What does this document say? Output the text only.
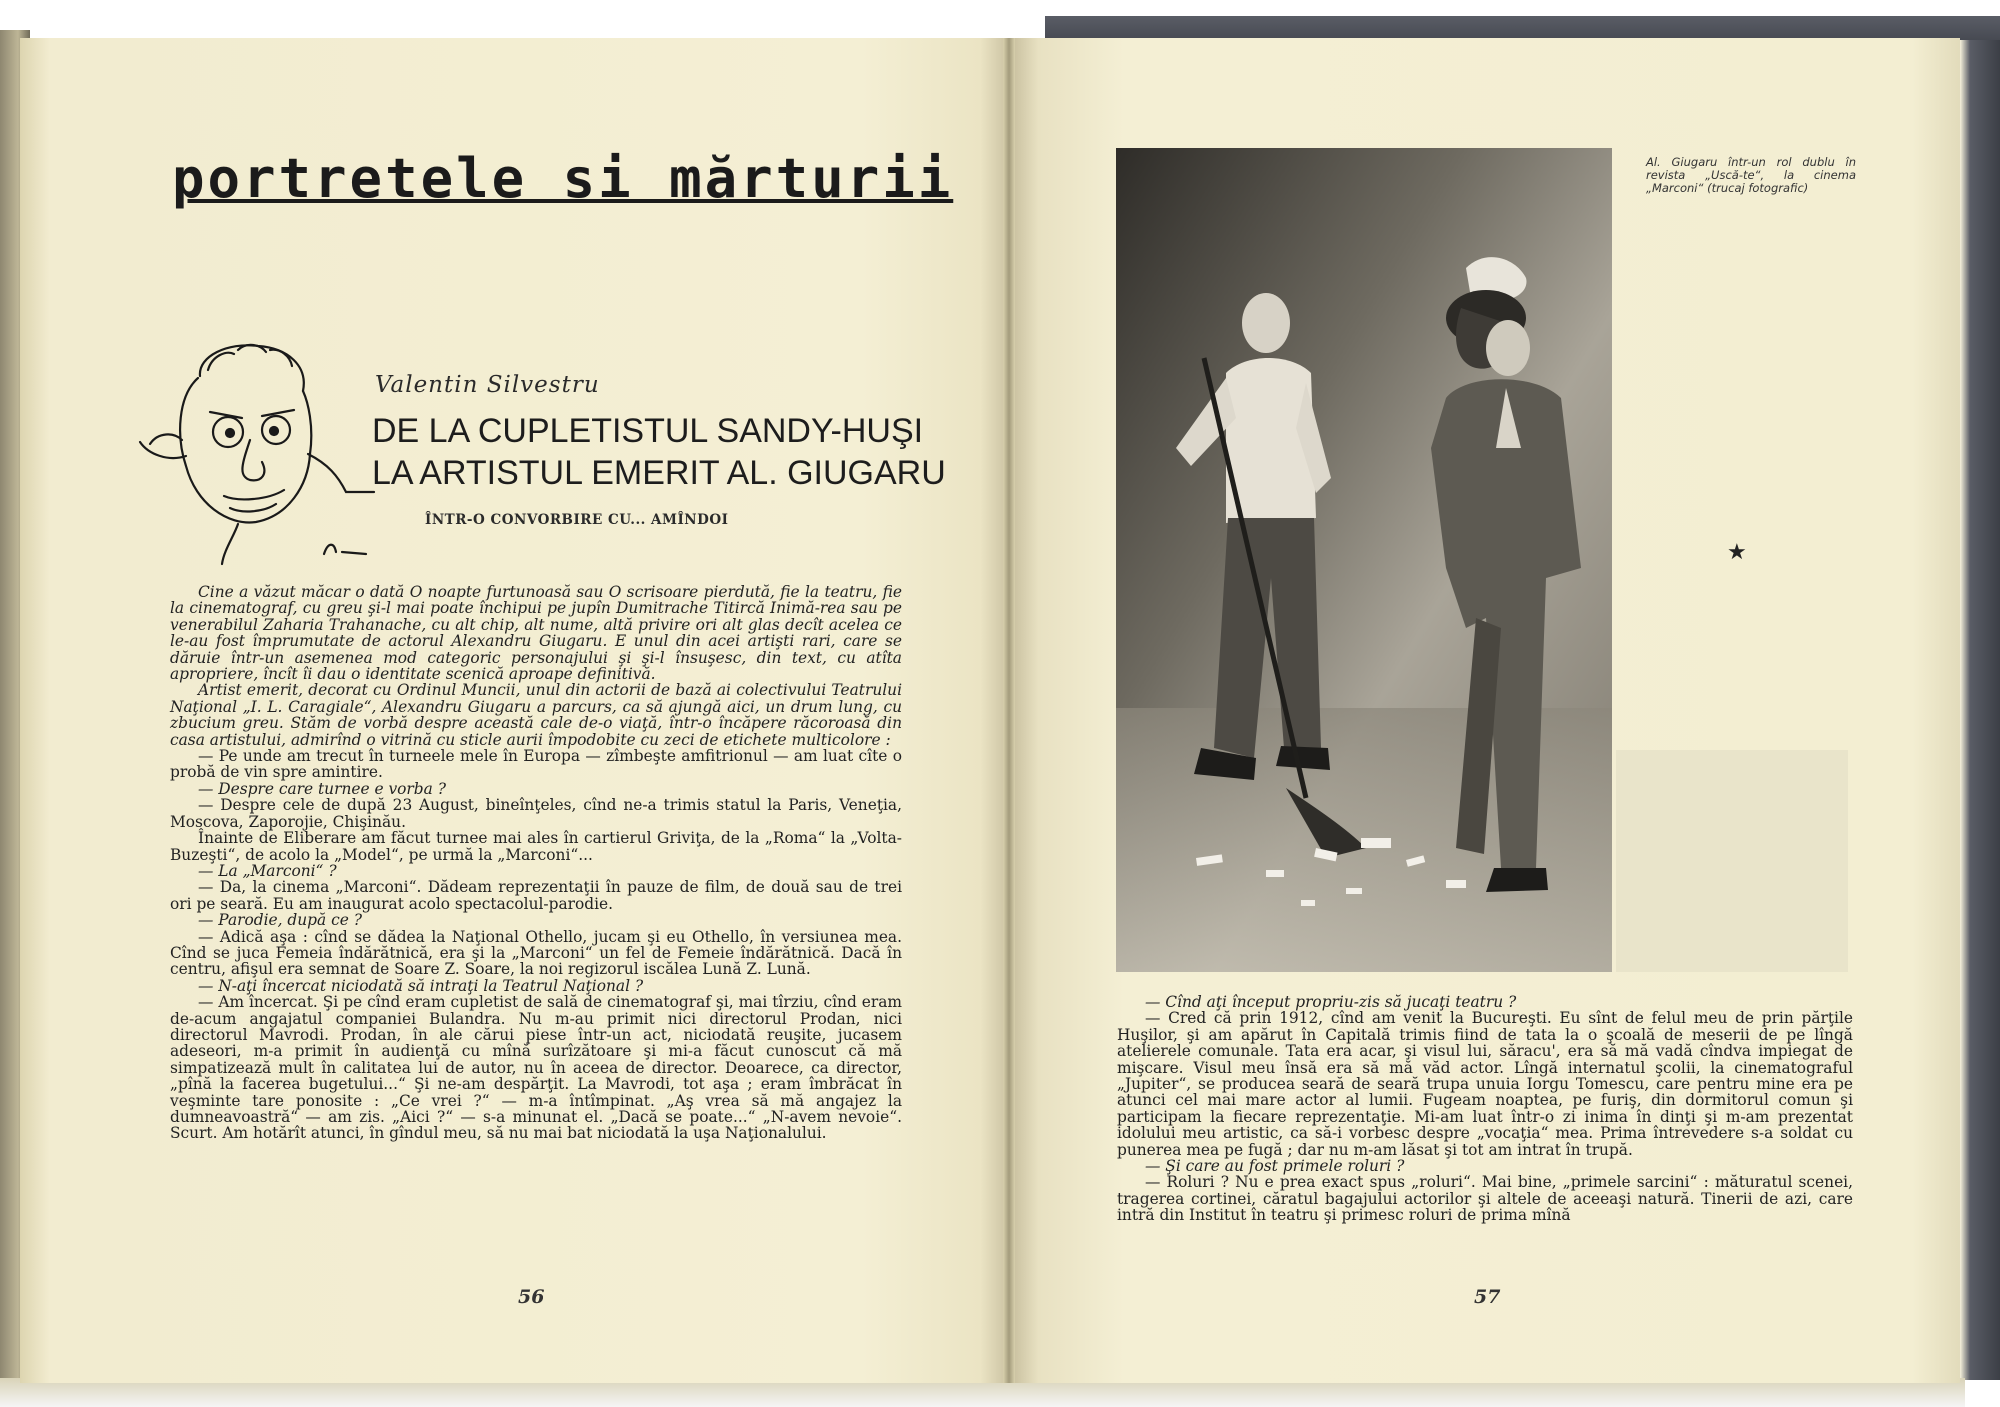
portretele si mărturii
Valentin Silvestru
DE LA CUPLETISTUL SANDY-HUŞI
LA ARTISTUL EMERIT AL. GIUGARU
ÎNTR-O CONVORBIRE CU... AMÎNDOI

Cine a văzut măcar o dată O noapte furtunoasă sau O scrisoare pierdută, fie la teatru, fie la cinematograf, cu greu şi-l mai poate închipui pe jupîn Dumitrache Titircă Inimă-rea sau pe venerabilul Zaharia Trahanache, cu alt chip, alt nume, altă privire ori alt glas decît acelea ce le-au fost împrumutate de actorul Alexandru Giugaru. E unul din acei artişti rari, care se dăruie într-un asemenea mod categoric personajului şi şi-l însuşesc, din text, cu atîta apropriere, încît îi dau o identitate scenică aproape definitivă.

Artist emerit, decorat cu Ordinul Muncii, unul din actorii de bază ai colectivului Teatrului Naţional „I. L. Caragiale“, Alexandru Giugaru a parcurs, ca să ajungă aici, un drum lung, cu zbucium greu. Stăm de vorbă despre această cale de-o viaţă, într-o încăpere răcoroasă din casa artistului, admirînd o vitrină cu sticle aurii împodobite cu zeci de etichete multicolore :

— Pe unde am trecut în turneele mele în Europa — zîmbeşte amfitrionul — am luat cîte o probă de vin spre amintire.

— Despre care turnee e vorba ?

— Despre cele de după 23 August, bineînţeles, cînd ne-a trimis statul la Paris, Veneţia, Moscova, Zaporojie, Chişinău.

Înainte de Eliberare am făcut turnee mai ales în cartierul Griviţa, de la „Roma“ la „Volta-Buzeşti“, de acolo la „Model“, pe urmă la „Marconi“...

— La „Marconi“ ?

— Da, la cinema „Marconi“. Dădeam reprezentaţii în pauze de film, de două sau de trei ori pe seară. Eu am inaugurat acolo spectacolul-parodie.

— Parodie, după ce ?

— Adică aşa : cînd se dădea la Naţional Othello, jucam şi eu Othello, în versiunea mea. Cînd se juca Femeia îndărătnică, era şi la „Marconi“ un fel de Femeie îndărătnică. Dacă în centru, afişul era semnat de Soare Z. Soare, la noi regizorul iscălea Lună Z. Lună.

— N-aţi încercat niciodată să intraţi la Teatrul Naţional ?

— Am încercat. Şi pe cînd eram cupletist de sală de cinematograf şi, mai tîrziu, cînd eram de-acum angajatul companiei Bulandra. Nu m-au primit nici directorul Prodan, nici directorul Mavrodi. Prodan, în ale cărui piese într-un act, niciodată reuşite, jucasem adeseori, m-a primit în audienţă cu mînă surîzătoare şi mi-a făcut cunoscut că mă simpatizează mult în calitatea lui de autor, nu în aceea de director. Deoarece, ca director, „pînă la facerea bugetului...“ Şi ne-am despărţit. La Mavrodi, tot aşa ; eram îmbrăcat în veşminte tare ponosite : „Ce vrei ?“ — m-a întîmpinat. „Aş vrea să mă angajez la dumneavoastră“ — am zis. „Aici ?“ — s-a minunat el. „Dacă se poate...“ „N-avem nevoie“. Scurt. Am hotărît atunci, în gîndul meu, să nu mai bat niciodată la uşa Naţionalului.

56
Al. Giugaru într-un rol dublu în revista „Uscă-te“, la cinema „Marconi“ (trucaj fotografic)
★

— Cînd aţi început propriu-zis să jucaţi teatru ?

— Cred că prin 1912, cînd am venit la Bucureşti. Eu sînt de felul meu de prin părţile Huşilor, şi am apărut în Capitală trimis fiind de tata la o şcoală de meserii de pe lîngă atelierele comunale. Tata era acar, şi visul lui, săracu', era să mă vadă cîndva impiegat de mişcare. Visul meu însă era să mă văd actor. Lîngă internatul şcolii, la cinematograful „Jupiter“, se producea seară de seară trupa unuia Iorgu Tomescu, care pentru mine era pe atunci cel mai mare actor al lumii. Fugeam noaptea, pe furiş, din dormitorul comun şi participam la fiecare reprezentaţie. Mi-am luat într-o zi inima în dinţi şi m-am prezentat idolului meu artistic, ca să-i vorbesc despre „vocaţia“ mea. Prima întrevedere s-a soldat cu punerea mea pe fugă ; dar nu m-am lăsat şi tot am intrat în trupă.

— Şi care au fost primele roluri ?

— Roluri ? Nu e prea exact spus „roluri“. Mai bine, „primele sarcini“ : măturatul scenei, tragerea cortinei, căratul bagajului actorilor şi altele de aceeaşi natură. Tinerii de azi, care intră din Institut în teatru şi primesc roluri de prima mînă

57
